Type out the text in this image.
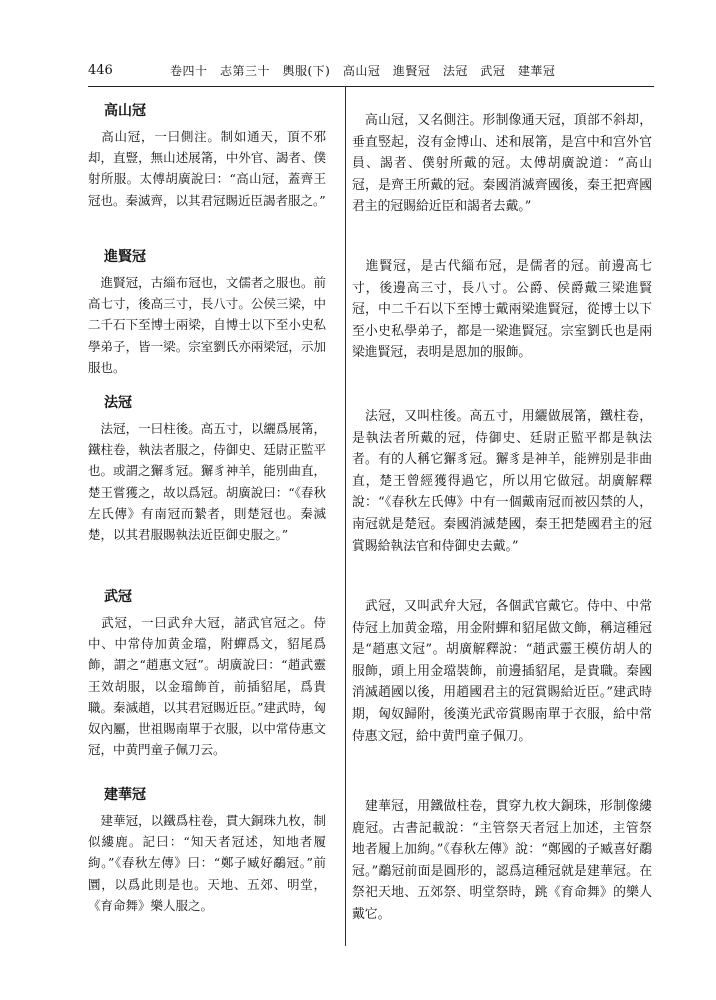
446	卷四十　志第三十　輿服(下)　高山冠　進賢冠　法冠　武冠　建華冠
高山冠

　高山冠，一曰側注。制如通天，頂不邪却，直豎，無山述展筩，中外官、謁者、僕射所服。太傅胡廣說曰：“高山冠，蓋齊王冠也。秦滅齊，以其君冠賜近臣謁者服之。”

進賢冠

　進賢冠，古緇布冠也，文儒者之服也。前高七寸，後高三寸，長八寸。公侯三梁，中二千石下至博士兩梁，自博士以下至小史私學弟子，皆一梁。宗室劉氏亦兩梁冠，示加服也。

法冠

　法冠，一曰柱後。高五寸，以纚爲展筩，鐵柱卷，執法者服之，侍御史、廷尉正監平也。或謂之獬豸冠。獬豸神羊，能別曲直，楚王嘗獲之，故以爲冠。胡廣說曰：“《春秋左氏傳》有南冠而縶者，則楚冠也。秦滅楚，以其君服賜執法近臣御史服之。”

武冠

　武冠，一曰武弁大冠，諸武官冠之。侍中、中常侍加黄金璫，附蟬爲文，貂尾爲飾，謂之“趙惠文冠”。胡廣說曰：“趙武靈王效胡服，以金璫飾首，前插貂尾，爲貴職。秦滅趙，以其君冠賜近臣。”建武時，匈奴內屬，世祖賜南單于衣服，以中常侍惠文冠，中黄門童子佩刀云。

建華冠

　建華冠，以鐵爲柱卷，貫大銅珠九枚，制似縷鹿。記曰：“知天者冠述，知地者履絇。”《春秋左傳》曰：“鄭子臧好鷸冠。”前圜，以爲此則是也。天地、五郊、明堂，《育命舞》樂人服之。

　高山冠，又名側注。形制像通天冠，頂部不斜却，垂直竪起，沒有金博山、述和展筩，是宫中和宫外官員、謁者、僕射所戴的冠。太傅胡廣說道：“高山冠，是齊王所戴的冠。秦國消滅齊國後，秦王把齊國君主的冠賜給近臣和謁者去戴。”

　進賢冠，是古代緇布冠，是儒者的冠。前邊高七寸，後邊高三寸，長八寸。公爵、侯爵戴三梁進賢冠，中二千石以下至博士戴兩梁進賢冠，從博士以下至小史私學弟子，都是一梁進賢冠。宗室劉氏也是兩梁進賢冠，表明是恩加的服飾。

　法冠，又叫柱後。高五寸，用纚做展筩，鐵柱卷，是執法者所戴的冠，侍御史、廷尉正監平都是執法者。有的人稱它獬豸冠。獬豸是神羊，能辨别是非曲直，楚王曾經獲得過它，所以用它做冠。胡廣解釋說：“《春秋左氏傳》中有一個戴南冠而被囚禁的人，南冠就是楚冠。秦國消滅楚國，秦王把楚國君主的冠賞賜給執法官和侍御史去戴。”

　武冠，又叫武弁大冠，各個武官戴它。侍中、中常侍冠上加黄金璫，用金附蟬和貂尾做文飾，稱這種冠是“趙惠文冠”。胡廣解釋說：“趙武靈王模仿胡人的服飾，頭上用金璫裝飾，前邊插貂尾，是貴職。秦國消滅趙國以後，用趙國君主的冠賞賜給近臣。”建武時期，匈奴歸附，後漢光武帝賞賜南單于衣服，給中常侍惠文冠，給中黄門童子佩刀。

　建華冠，用鐵做柱卷，貫穿九枚大銅珠，形制像縷鹿冠。古書記載說：“主管祭天者冠上加述，主管祭地者履上加絇。”《春秋左傳》說：“鄭國的子臧喜好鷸冠。”鷸冠前面是圓形的，認爲這種冠就是建華冠。在祭祀天地、五郊祭、明堂祭時，跳《育命舞》的樂人戴它。
